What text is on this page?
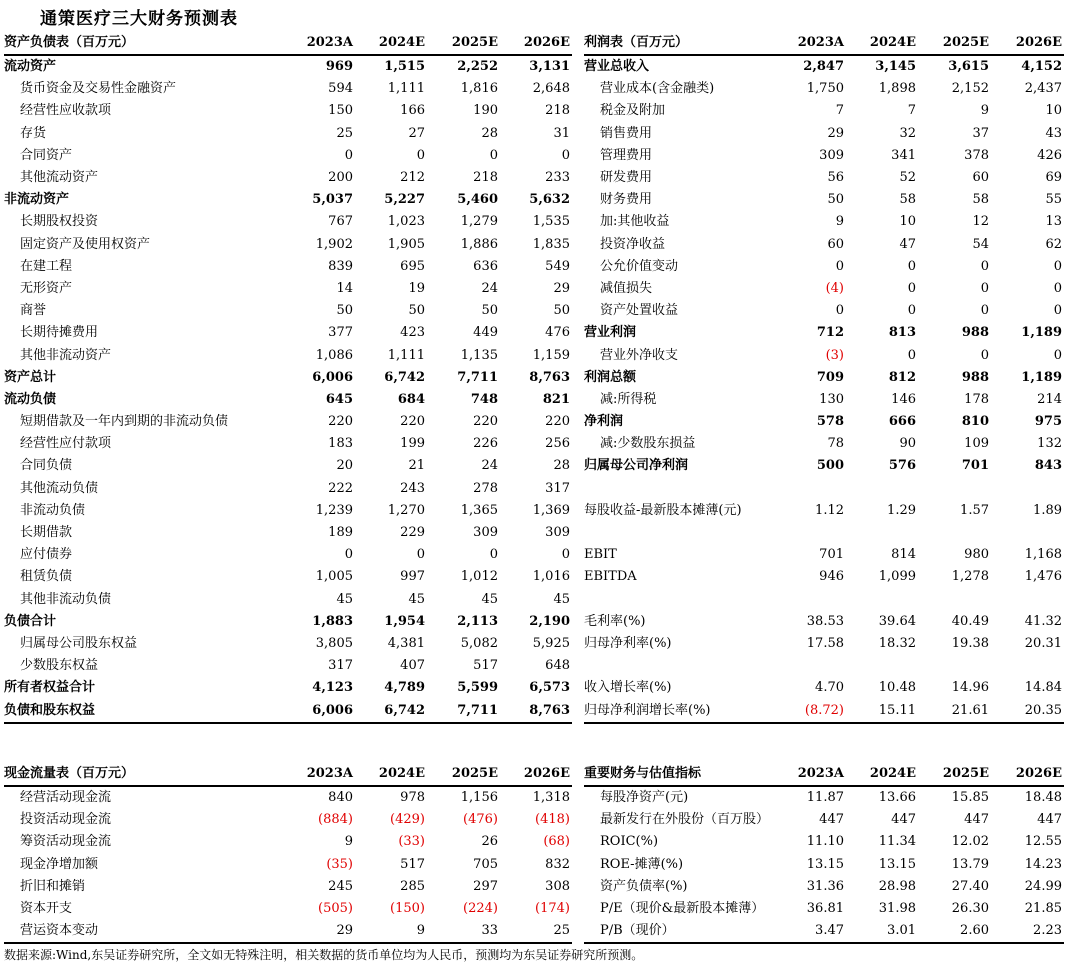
通策医疗三大财务预测表
资产负债表（百万元）	2023A	2024E	2025E	2026E
流动资产	969	1,515	2,252	3,131
货币资金及交易性金融资产	594	1,111	1,816	2,648
经营性应收款项	150	166	190	218
存货	25	27	28	31
合同资产	0	0	0	0
其他流动资产	200	212	218	233
非流动资产	5,037	5,227	5,460	5,632
长期股权投资	767	1,023	1,279	1,535
固定资产及使用权资产	1,902	1,905	1,886	1,835
在建工程	839	695	636	549
无形资产	14	19	24	29
商誉	50	50	50	50
长期待摊费用	377	423	449	476
其他非流动资产	1,086	1,111	1,135	1,159
资产总计	6,006	6,742	7,711	8,763
流动负债	645	684	748	821
短期借款及一年内到期的非流动负债	220	220	220	220
经营性应付款项	183	199	226	256
合同负债	20	21	24	28
其他流动负债	222	243	278	317
非流动负债	1,239	1,270	1,365	1,369
长期借款	189	229	309	309
应付债券	0	0	0	0
租赁负债	1,005	997	1,012	1,016
其他非流动负债	45	45	45	45
负债合计	1,883	1,954	2,113	2,190
归属母公司股东权益	3,805	4,381	5,082	5,925
少数股东权益	317	407	517	648
所有者权益合计	4,123	4,789	5,599	6,573
负债和股东权益	6,006	6,742	7,711	8,763
利润表（百万元）	2023A	2024E	2025E	2026E
营业总收入	2,847	3,145	3,615	4,152
营业成本(含金融类)	1,750	1,898	2,152	2,437
税金及附加	7	7	9	10
销售费用	29	32	37	43
管理费用	309	341	378	426
研发费用	56	52	60	69
财务费用	50	58	58	55
加:其他收益	9	10	12	13
投资净收益	60	47	54	62
公允价值变动	0	0	0	0
减值损失	(4)	0	0	0
资产处置收益	0	0	0	0
营业利润	712	813	988	1,189
营业外净收支	(3)	0	0	0
利润总额	709	812	988	1,189
减:所得税	130	146	178	214
净利润	578	666	810	975
减:少数股东损益	78	90	109	132
归属母公司净利润	500	576	701	843

每股收益-最新股本摊薄(元)	1.12	1.29	1.57	1.89

EBIT	701	814	980	1,168
EBITDA	946	1,099	1,278	1,476

毛利率(%)	38.53	39.64	40.49	41.32
归母净利率(%)	17.58	18.32	19.38	20.31

收入增长率(%)	4.70	10.48	14.96	14.84
归母净利润增长率(%)	(8.72)	15.11	21.61	20.35
现金流量表（百万元）	2023A	2024E	2025E	2026E
经营活动现金流	840	978	1,156	1,318
投资活动现金流	(884)	(429)	(476)	(418)
筹资活动现金流	9	(33)	26	(68)
现金净增加额	(35)	517	705	832
折旧和摊销	245	285	297	308
资本开支	(505)	(150)	(224)	(174)
营运资本变动	29	9	33	25
重要财务与估值指标	2023A	2024E	2025E	2026E
每股净资产(元)	11.87	13.66	15.85	18.48
最新发行在外股份（百万股）	447	447	447	447
ROIC(%)	11.10	11.34	12.02	12.55
ROE-摊薄(%)	13.15	13.15	13.79	14.23
资产负债率(%)	31.36	28.98	27.40	24.99
P/E（现价&最新股本摊薄）	36.81	31.98	26.30	21.85
P/B（现价）	3.47	3.01	2.60	2.23
数据来源:Wind,东吴证券研究所，全文如无特殊注明，相关数据的货币单位均为人民币，预测均为东吴证券研究所预测。
